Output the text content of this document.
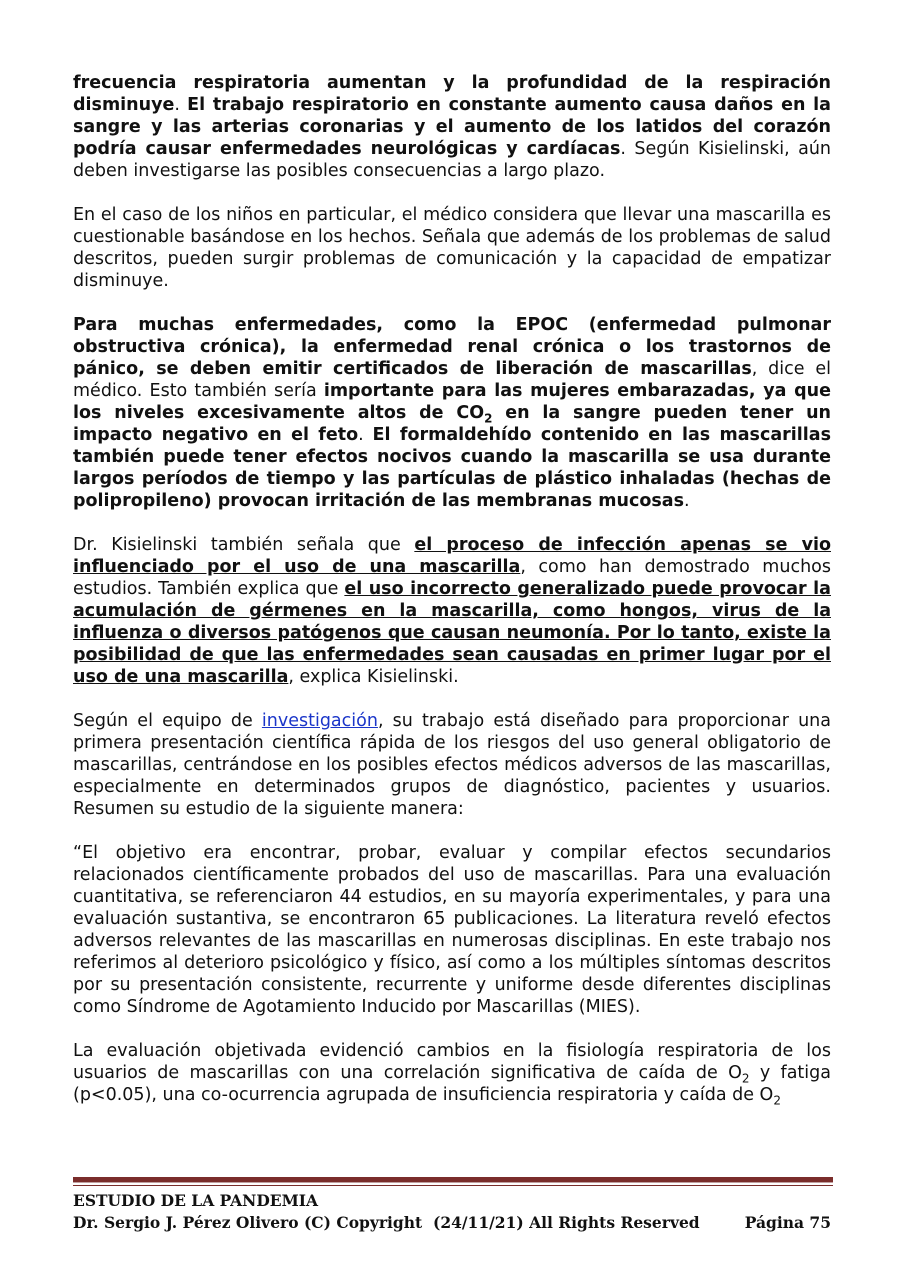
frecuencia respiratoria aumentan y la profundidad de la respiración disminuye. El trabajo respiratorio en constante aumento causa daños en la sangre y las arterias coronarias y el aumento de los latidos del corazón podría causar enfermedades neurológicas y cardíacas. Según Kisielinski, aún deben investigarse las posibles consecuencias a largo plazo.

En el caso de los niños en particular, el médico considera que llevar una mascarilla es cuestionable basándose en los hechos. Señala que además de los problemas de salud descritos, pueden surgir problemas de comunicación y la capacidad de empatizar disminuye.

Para muchas enfermedades, como la EPOC (enfermedad pulmonar obstructiva crónica), la enfermedad renal crónica o los trastornos de pánico, se deben emitir certificados de liberación de mascarillas, dice el médico. Esto también sería importante para las mujeres embarazadas, ya que los niveles excesivamente altos de $CO_2$ en la sangre pueden tener un impacto negativo en el feto. El formaldehído contenido en las mascarillas también puede tener efectos nocivos cuando la mascarilla se usa durante largos períodos de tiempo y las partículas de plástico inhaladas (hechas de polipropileno) provocan irritación de las membranas mucosas.

Dr. Kisielinski también señala que el proceso de infección apenas se vio influenciado por el uso de una mascarilla, como han demostrado muchos estudios. También explica que el uso incorrecto generalizado puede provocar la acumulación de gérmenes en la mascarilla, como hongos, virus de la influenza o diversos patógenos que causan neumonía. Por lo tanto, existe la posibilidad de que las enfermedades sean causadas en primer lugar por el uso de una mascarilla, explica Kisielinski.

Según el equipo de investigación, su trabajo está diseñado para proporcionar una primera presentación científica rápida de los riesgos del uso general obligatorio de mascarillas, centrándose en los posibles efectos médicos adversos de las mascarillas, especialmente en determinados grupos de diagnóstico, pacientes y usuarios. Resumen su estudio de la siguiente manera:

“El objetivo era encontrar, probar, evaluar y compilar efectos secundarios relacionados científicamente probados del uso de mascarillas. Para una evaluación cuantitativa, se referenciaron 44 estudios, en su mayoría experimentales, y para una evaluación sustantiva, se encontraron 65 publicaciones. La literatura reveló efectos adversos relevantes de las mascarillas en numerosas disciplinas. En este trabajo nos referimos al deterioro psicológico y físico, así como a los múltiples síntomas descritos por su presentación consistente, recurrente y uniforme desde diferentes disciplinas como Síndrome de Agotamiento Inducido por Mascarillas (MIES).

La evaluación objetivada evidenció cambios en la fisiología respiratoria de los usuarios de mascarillas con una correlación significativa de caída de $O_2$ y fatiga (p<0.05), una co-ocurrencia agrupada de insuficiencia respiratoria y caída de $O_2$

ESTUDIO DE LA PANDEMIA
Dr. Sergio J. Pérez Olivero (C) Copyright  (24/11/21) All Rights Reserved	Página 75
